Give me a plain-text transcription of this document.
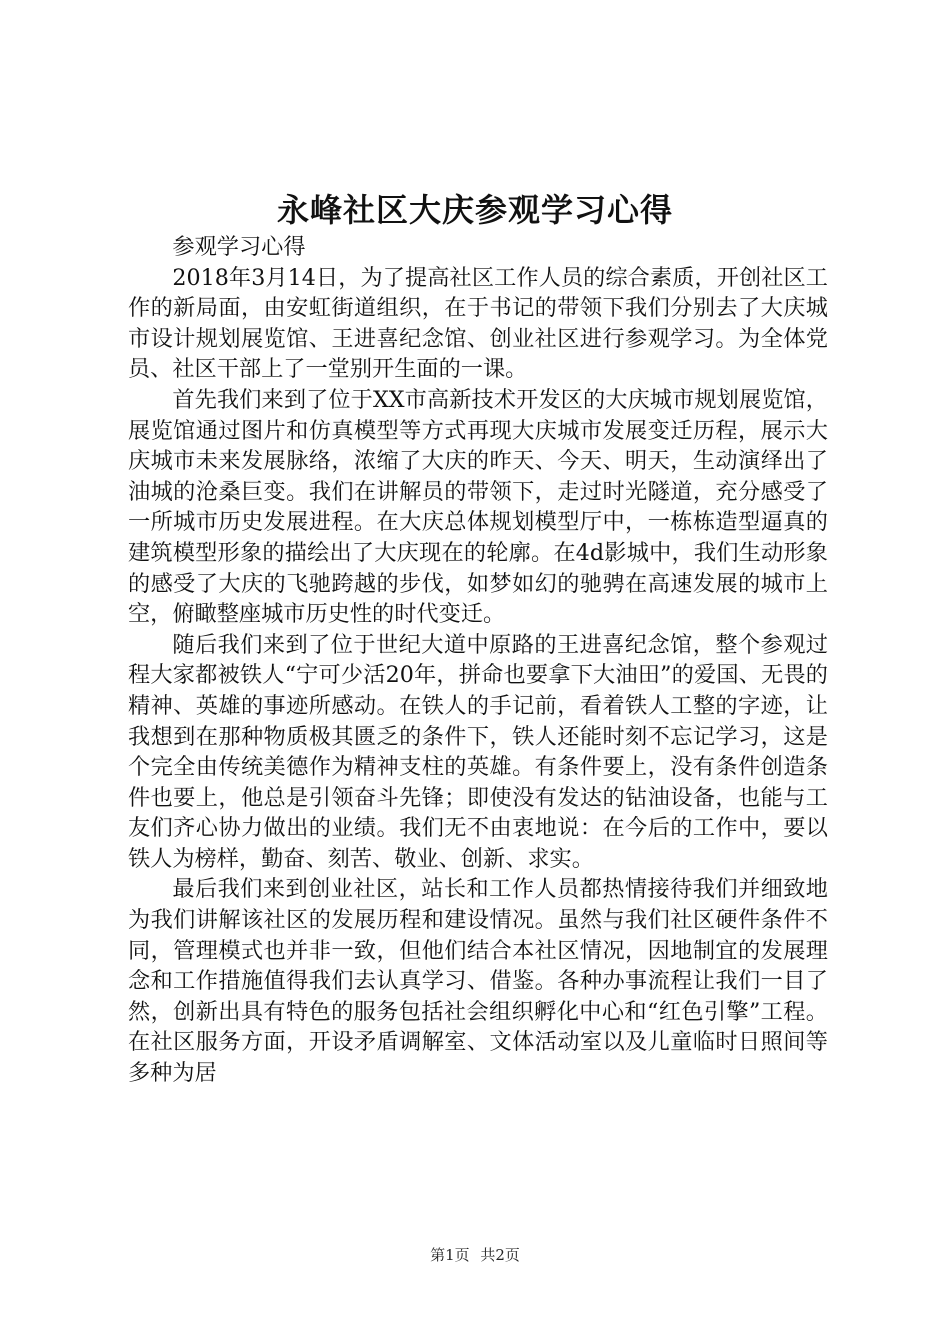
永峰社区大庆参观学习心得

参观学习心得

2018年3月14日，为了提高社区工作人员的综合素质，开创社区工作的新局面，由安虹街道组织，在于书记的带领下我们分别去了大庆城市设计规划展览馆、王进喜纪念馆、创业社区进行参观学习。为全体党员、社区干部上了一堂别开生面的一课。

首先我们来到了位于XX市高新技术开发区的大庆城市规划展览馆，展览馆通过图片和仿真模型等方式再现大庆城市发展变迁历程，展示大庆城市未来发展脉络，浓缩了大庆的昨天、今天、明天，生动演绎出了油城的沧桑巨变。我们在讲解员的带领下，走过时光隧道，充分感受了一所城市历史发展进程。在大庆总体规划模型厅中，一栋栋造型逼真的建筑模型形象的描绘出了大庆现在的轮廓。在4d影城中，我们生动形象的感受了大庆的飞驰跨越的步伐，如梦如幻的驰骋在高速发展的城市上空，俯瞰整座城市历史性的时代变迁。

随后我们来到了位于世纪大道中原路的王进喜纪念馆，整个参观过程大家都被铁人“宁可少活20年，拼命也要拿下大油田”的爱国、无畏的精神、英雄的事迹所感动。在铁人的手记前，看着铁人工整的字迹，让我想到在那种物质极其匮乏的条件下，铁人还能时刻不忘记学习，这是个完全由传统美德作为精神支柱的英雄。有条件要上，没有条件创造条件也要上，他总是引领奋斗先锋；即使没有发达的钻油设备，也能与工友们齐心协力做出的业绩。我们无不由衷地说：在今后的工作中，要以铁人为榜样，勤奋、刻苦、敬业、创新、求实。

最后我们来到创业社区，站长和工作人员都热情接待我们并细致地为我们讲解该社区的发展历程和建设情况。虽然与我们社区硬件条件不同，管理模式也并非一致，但他们结合本社区情况，因地制宜的发展理念和工作措施值得我们去认真学习、借鉴。各种办事流程让我们一目了然，创新出具有特色的服务包括社会组织孵化中心和“红色引擎”工程。在社区服务方面，开设矛盾调解室、文体活动室以及儿童临时日照间等多种为居

第1页 共2页
